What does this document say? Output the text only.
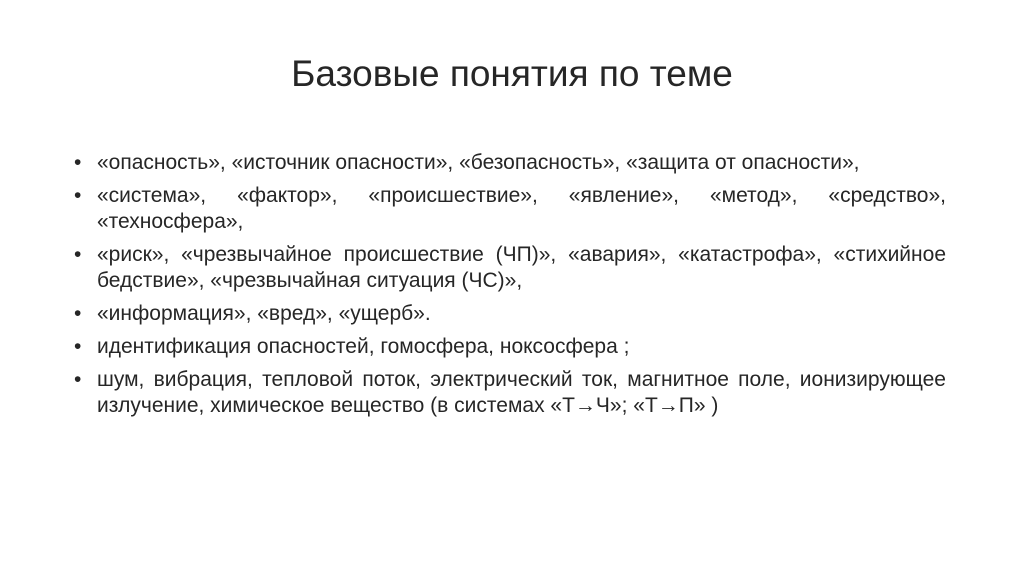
Базовые понятия по теме
• «опасность», «источник опасности», «безопасность», «защита от опасности»,
• «система», «фактор», «происшествие», «явление», «метод», «средство», «техносфера»,
• «риск», «чрезвычайное происшествие (ЧП)», «авария», «катастрофа», «стихийное бедствие», «чрезвычайная ситуация (ЧС)»,
• «информация», «вред», «ущерб».
• идентификация опасностей, гомосфера, ноксосфера ;
• шум, вибрация, тепловой поток, электрический ток, магнитное поле, ионизирующее излучение, химическое вещество (в системах «Т→Ч»; «Т→П» )
